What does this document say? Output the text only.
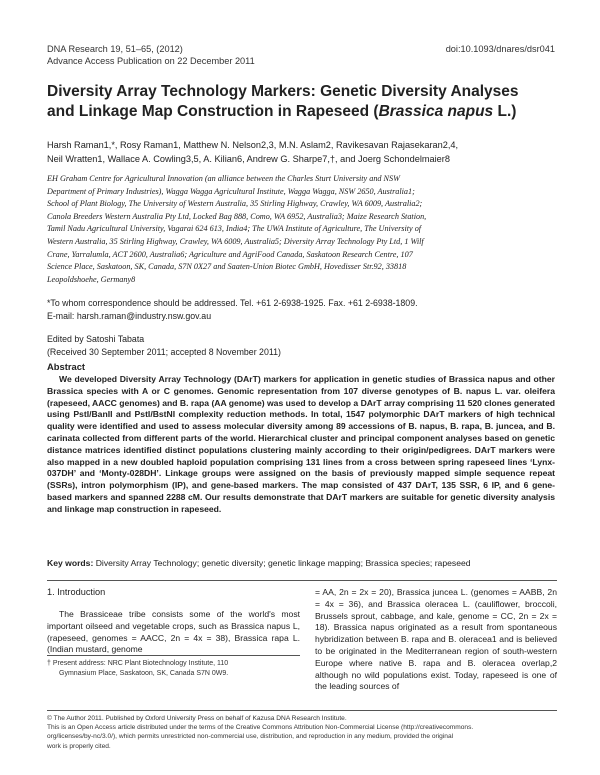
DNA Research 19, 51–65, (2012)
Advance Access Publication on 22 December 2011
doi:10.1093/dnares/dsr041
Diversity Array Technology Markers: Genetic Diversity Analyses
and Linkage Map Construction in Rapeseed (Brassica napus L.)
Harsh Raman1,*, Rosy Raman1, Matthew N. Nelson2,3, M.N. Aslam2, Ravikesavan Rajasekaran2,4,
Neil Wratten1, Wallace A. Cowling3,5, A. Kilian6, Andrew G. Sharpe7,†, and Joerg Schondelmaier8
EH Graham Centre for Agricultural Innovation (an alliance between the Charles Sturt University and NSW
Department of Primary Industries), Wagga Wagga Agricultural Institute, Wagga Wagga, NSW 2650, Australia1;
School of Plant Biology, The University of Western Australia, 35 Stirling Highway, Crawley, WA 6009, Australia2;
Canola Breeders Western Australia Pty Ltd, Locked Bag 888, Como, WA 6952, Australia3; Maize Research Station,
Tamil Nadu Agricultural University, Vagarai 624 613, India4; The UWA Institute of Agriculture, The University of
Western Australia, 35 Stirling Highway, Crawley, WA 6009, Australia5; Diversity Array Technology Pty Ltd, 1 Wilf
Crane, Yarralumla, ACT 2600, Australia6; Agriculture and AgriFood Canada, Saskatoon Research Centre, 107
Science Place, Saskatoon, SK, Canada, S7N 0X27 and Saaten-Union Biotec GmbH, Hovedisser Str.92, 33818
Leopoldshoehe, Germany8
*To whom correspondence should be addressed. Tel. +61 2-6938-1925. Fax. +61 2-6938-1809.
E-mail: harsh.raman@industry.nsw.gov.au
Edited by Satoshi Tabata
(Received 30 September 2011; accepted 8 November 2011)
Abstract
We developed Diversity Array Technology (DArT) markers for application in genetic studies of Brassica napus and other Brassica species with A or C genomes. Genomic representation from 107 diverse genotypes of B. napus L. var. oleifera (rapeseed, AACC genomes) and B. rapa (AA genome) was used to develop a DArT array comprising 11 520 clones generated using PstI/BanII and PstI/BstNI complexity reduction methods. In total, 1547 polymorphic DArT markers of high technical quality were identified and used to assess molecular diversity among 89 accessions of B. napus, B. rapa, B. juncea, and B. carinata collected from different parts of the world. Hierarchical cluster and principal component analyses based on genetic distance matrices identified distinct populations clustering mainly according to their origin/pedigrees. DArT markers were also mapped in a new doubled haploid population comprising 131 lines from a cross between spring rapeseed lines ‘Lynx-037DH’ and ‘Monty-028DH’. Linkage groups were assigned on the basis of previously mapped simple sequence repeat (SSRs), intron polymorphism (IP), and gene-based markers. The map consisted of 437 DArT, 135 SSR, 6 IP, and 6 gene-based markers and spanned 2288 cM. Our results demonstrate that DArT markers are suitable for genetic diversity analysis and linkage map construction in rapeseed.
Key words: Diversity Array Technology; genetic diversity; genetic linkage mapping; Brassica species; rapeseed
1. Introduction
The Brassiceae tribe consists some of the world's most important oilseed and vegetable crops, such as Brassica napus L, (rapeseed, genomes = AACC, 2n = 4x = 38), Brassica rapa L. (Indian mustard, genome
= AA, 2n = 2x = 20), Brassica juncea L. (genomes = AABB, 2n = 4x = 36), and Brassica oleracea L. (cauliflower, broccoli, Brussels sprout, cabbage, and kale, genome = CC, 2n = 2x = 18). Brassica napus originated as a result from spontaneous hybridization between B. rapa and B. oleracea1 and is believed to be originated in the Mediterranean region of south-western Europe where native B. rapa and B. oleracea overlap,2 although no wild populations exist. Today, rapeseed is one of the leading sources of
† Present address: NRC Plant Biotechnology Institute, 110
Gymnasium Place, Saskatoon, SK, Canada S7N 0W9.
© The Author 2011. Published by Oxford University Press on behalf of Kazusa DNA Research Institute.
This is an Open Access article distributed under the terms of the Creative Commons Attribution Non-Commercial License (http://creativecommons.
org/licenses/by-nc/3.0/), which permits unrestricted non-commercial use, distribution, and reproduction in any medium, provided the original
work is properly cited.
